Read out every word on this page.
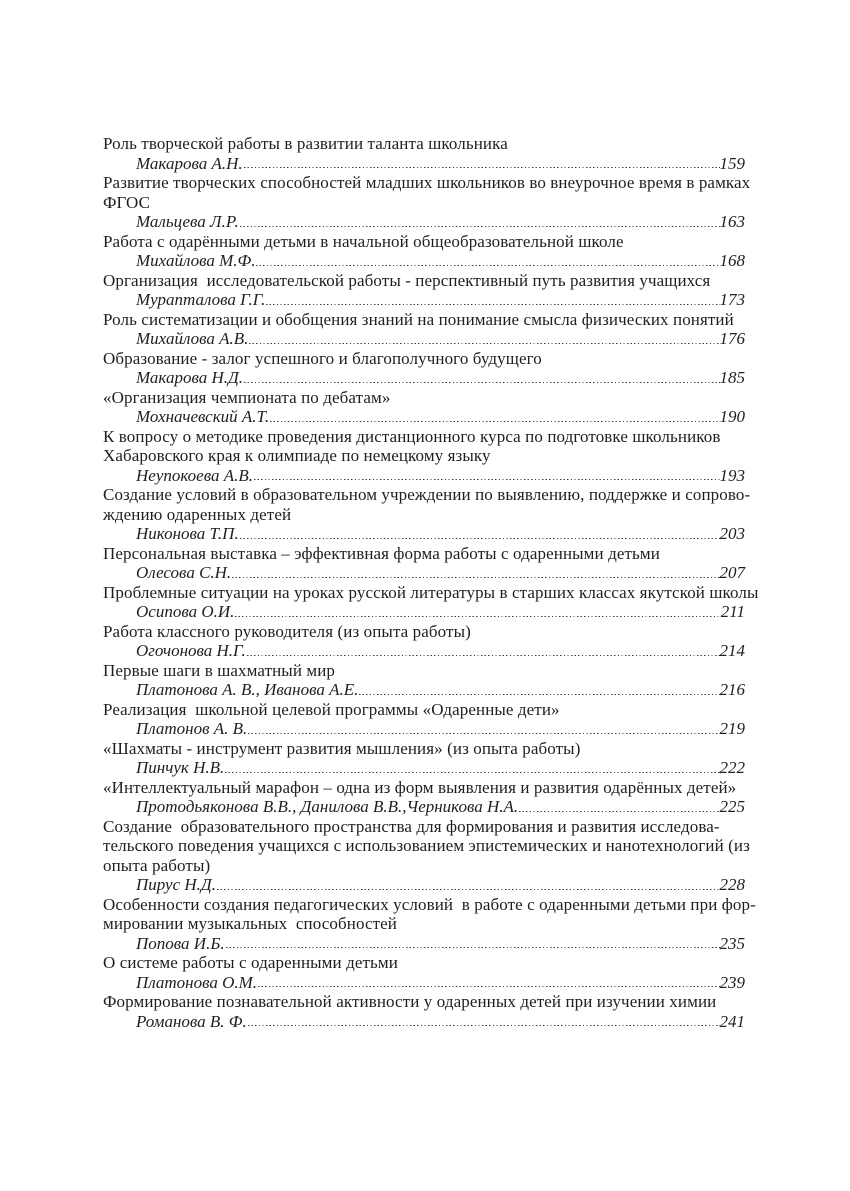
Роль творческой работы в развитии таланта школьника
Макарова А.Н.	159
Развитие творческих способностей младших школьников во внеурочное время в рамках
ФГОС
Мальцева Л.Р.	163
Работа с одарёнными детьми в начальной общеобразовательной школе
Михайлова М.Ф.	168
Организация  исследовательской работы - перспективный путь развития учащихся
Мурапталова Г.Г.	173
Роль систематизации и обобщения знаний на понимание смысла физических понятий
Михайлова А.В.	176
Образование - залог успешного и благополучного будущего
Макарова Н.Д.	185
«Организация чемпионата по дебатам»
Мохначевский А.Т.	190
К вопросу о методике проведения дистанционного курса по подготовке школьников
Хабаровского края к олимпиаде по немецкому языку
Неупокоева А.В.	193
Создание условий в образовательном учреждении по выявлению, поддержке и сопрово-
ждению одаренных детей
Никонова Т.П.	203
Персональная выставка – эффективная форма работы с одаренными детьми
Олесова С.Н.	207
Проблемные ситуации на уроках русской литературы в старших классах якутской школы
Осипова О.И.	211
Работа классного руководителя (из опыта работы)
Огочонова Н.Г.	214
Первые шаги в шахматный мир
Платонова А. В., Иванова А.Е.	216
Реализация  школьной целевой программы «Одаренные дети»
Платонов А. В.	219
«Шахматы - инструмент развития мышления» (из опыта работы)
Пинчук Н.В.	222
«Интеллектуальный марафон – одна из форм выявления и развития одарённых детей»
Протодьяконова В.В., Данилова В.В.,Черникова Н.А.	225
Создание  образовательного пространства для формирования и развития исследова-
тельского поведения учащихся с использованием эпистемических и нанотехнологий (из
опыта работы)
Пирус Н.Д.	228
Особенности создания педагогических условий  в работе с одаренными детьми при фор-
мировании музыкальных  способностей
Попова И.Б.	235
О системе работы с одаренными детьми
Платонова О.М.	239
Формирование познавательной активности у одаренных детей при изучении химии
Романова В. Ф.	241
